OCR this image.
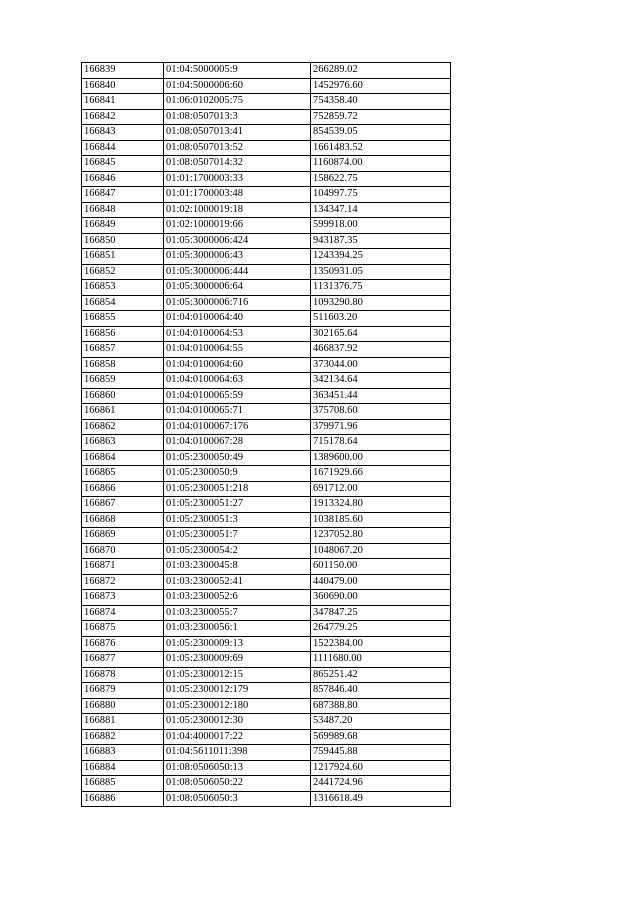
166839	01:04:5000005:9	266289.02
166840	01:04:5000006:60	1452976.60
166841	01:06:0102005:75	754358.40
166842	01:08:0507013:3	752859.72
166843	01:08:0507013:41	854539.05
166844	01:08:0507013:52	1661483.52
166845	01:08:0507014:32	1160874.00
166846	01:01:1700003:33	158622.75
166847	01:01:1700003:48	104997.75
166848	01:02:1000019:18	134347.14
166849	01:02:1000019:66	599918.00
166850	01:05:3000006:424	943187.35
166851	01:05:3000006:43	1243394.25
166852	01:05:3000006:444	1350931.05
166853	01:05:3000006:64	1131376.75
166854	01:05:3000006:716	1093290.80
166855	01:04:0100064:40	511603.20
166856	01:04:0100064:53	302165.64
166857	01:04:0100064:55	466837.92
166858	01:04:0100064:60	373044.00
166859	01:04:0100064:63	342134.64
166860	01:04:0100065:59	363451.44
166861	01:04:0100065:71	375708.60
166862	01:04:0100067:176	379971.96
166863	01:04:0100067:28	715178.64
166864	01:05:2300050:49	1389600.00
166865	01:05:2300050:9	1671929.66
166866	01:05:2300051:218	691712.00
166867	01:05:2300051:27	1913324.80
166868	01:05:2300051:3	1038185.60
166869	01:05:2300051:7	1237052.80
166870	01:05:2300054:2	1048067.20
166871	01:03:2300045:8	601150.00
166872	01:03:2300052:41	440479.00
166873	01:03:2300052:6	360690.00
166874	01:03:2300055:7	347847.25
166875	01:03:2300056:1	264779.25
166876	01:05:2300009:13	1522384.00
166877	01:05:2300009:69	1111680.00
166878	01:05:2300012:15	865251.42
166879	01:05:2300012:179	857846.40
166880	01:05:2300012:180	687388.80
166881	01:05:2300012:30	53487.20
166882	01:04:4000017:22	569989.68
166883	01:04:5611011:398	759445.88
166884	01:08:0506050:13	1217924.60
166885	01:08:0506050:22	2441724.96
166886	01:08:0506050:3	1316618.49
